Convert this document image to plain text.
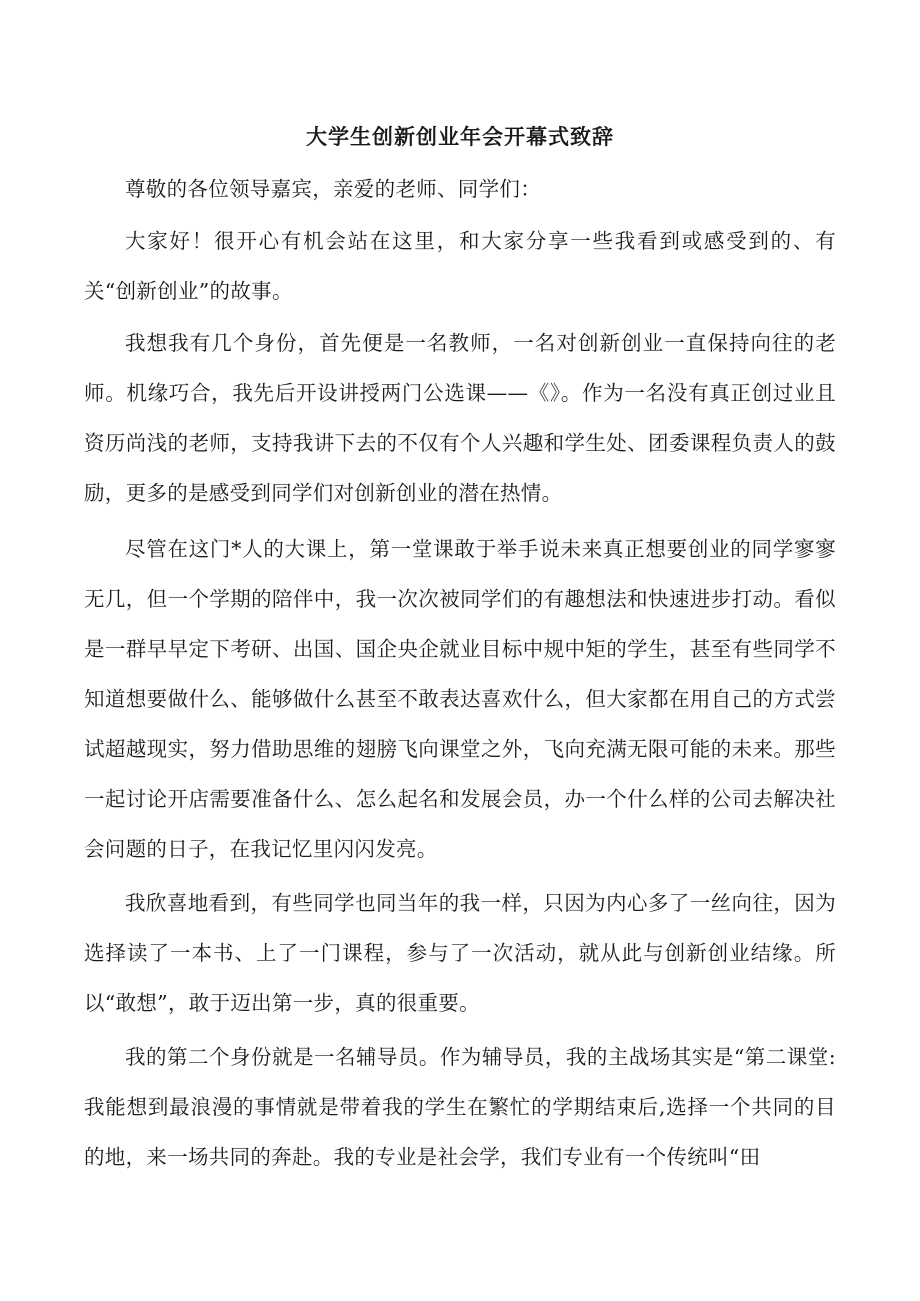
大学生创新创业年会开幕式致辞

尊敬的各位领导嘉宾，亲爱的老师、同学们：

大家好！很开心有机会站在这里，和大家分享一些我看到或感受到的、有关“创新创业”的故事。

我想我有几个身份，首先便是一名教师，一名对创新创业一直保持向往的老师。机缘巧合，我先后开设讲授两门公选课——《》。作为一名没有真正创过业且资历尚浅的老师，支持我讲下去的不仅有个人兴趣和学生处、团委课程负责人的鼓励，更多的是感受到同学们对创新创业的潜在热情。

尽管在这门*人的大课上，第一堂课敢于举手说未来真正想要创业的同学寥寥无几，但一个学期的陪伴中，我一次次被同学们的有趣想法和快速进步打动。看似是一群早早定下考研、出国、国企央企就业目标中规中矩的学生，甚至有些同学不知道想要做什么、能够做什么甚至不敢表达喜欢什么，但大家都在用自己的方式尝试超越现实，努力借助思维的翅膀飞向课堂之外，飞向充满无限可能的未来。那些一起讨论开店需要准备什么、怎么起名和发展会员，办一个什么样的公司去解决社会问题的日子，在我记忆里闪闪发亮。

我欣喜地看到，有些同学也同当年的我一样，只因为内心多了一丝向往，因为选择读了一本书、上了一门课程，参与了一次活动，就从此与创新创业结缘。所以“敢想”，敢于迈出第一步，真的很重要。

我的第二个身份就是一名辅导员。作为辅导员，我的主战场其实是“第二课堂:我能想到最浪漫的事情就是带着我的学生在繁忙的学期结束后,选择一个共同的目的地，来一场共同的奔赴。我的专业是社会学，我们专业有一个传统叫“田
